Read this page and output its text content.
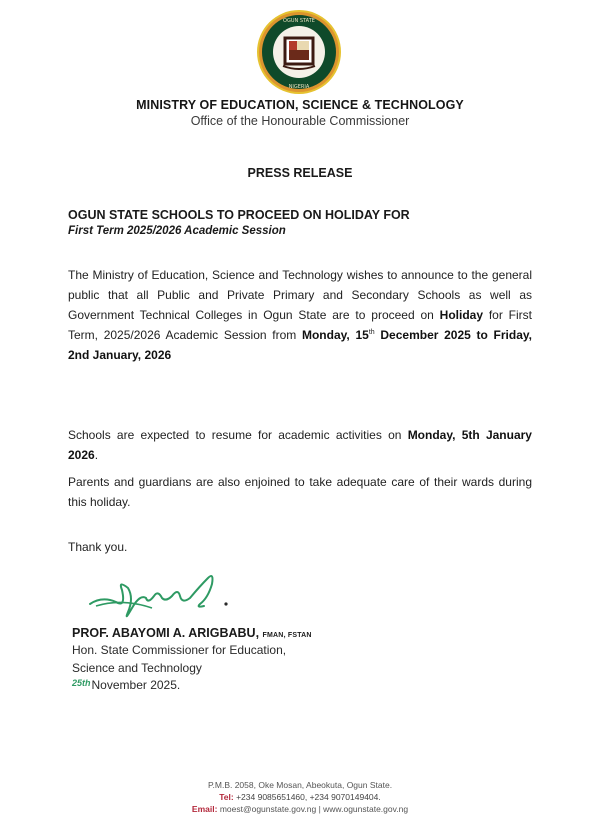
OGUN STATE
NIGERIA
MINISTRY OF EDUCATION, SCIENCE & TECHNOLOGY
Office of the Honourable Commissioner
PRESS RELEASE
OGUN STATE SCHOOLS TO PROCEED ON HOLIDAY FOR
First Term 2025/2026 Academic Session
The Ministry of Education, Science and Technology wishes to announce to the general public that all Public and Private Primary and Secondary Schools as well as Government Technical Colleges in Ogun State are to proceed on Holiday for First Term, 2025/2026 Academic Session from Monday, 15th December 2025 to Friday, 2nd January, 2026
Schools are expected to resume for academic activities on Monday, 5th January 2026.
Parents and guardians are also enjoined to take adequate care of their wards during this holiday.
Thank you.
PROF. ABAYOMI A. ARIGBABU, FMAN, FSTAN
Hon. State Commissioner for Education,
Science and Technology
$^{25th}$November 2025.
P.M.B. 2058, Oke Mosan, Abeokuta, Ogun State.
Tel: +234 9085651460, +234 9070149404.
Email: moest@ogunstate.gov.ng | www.ogunstate.gov.ng
